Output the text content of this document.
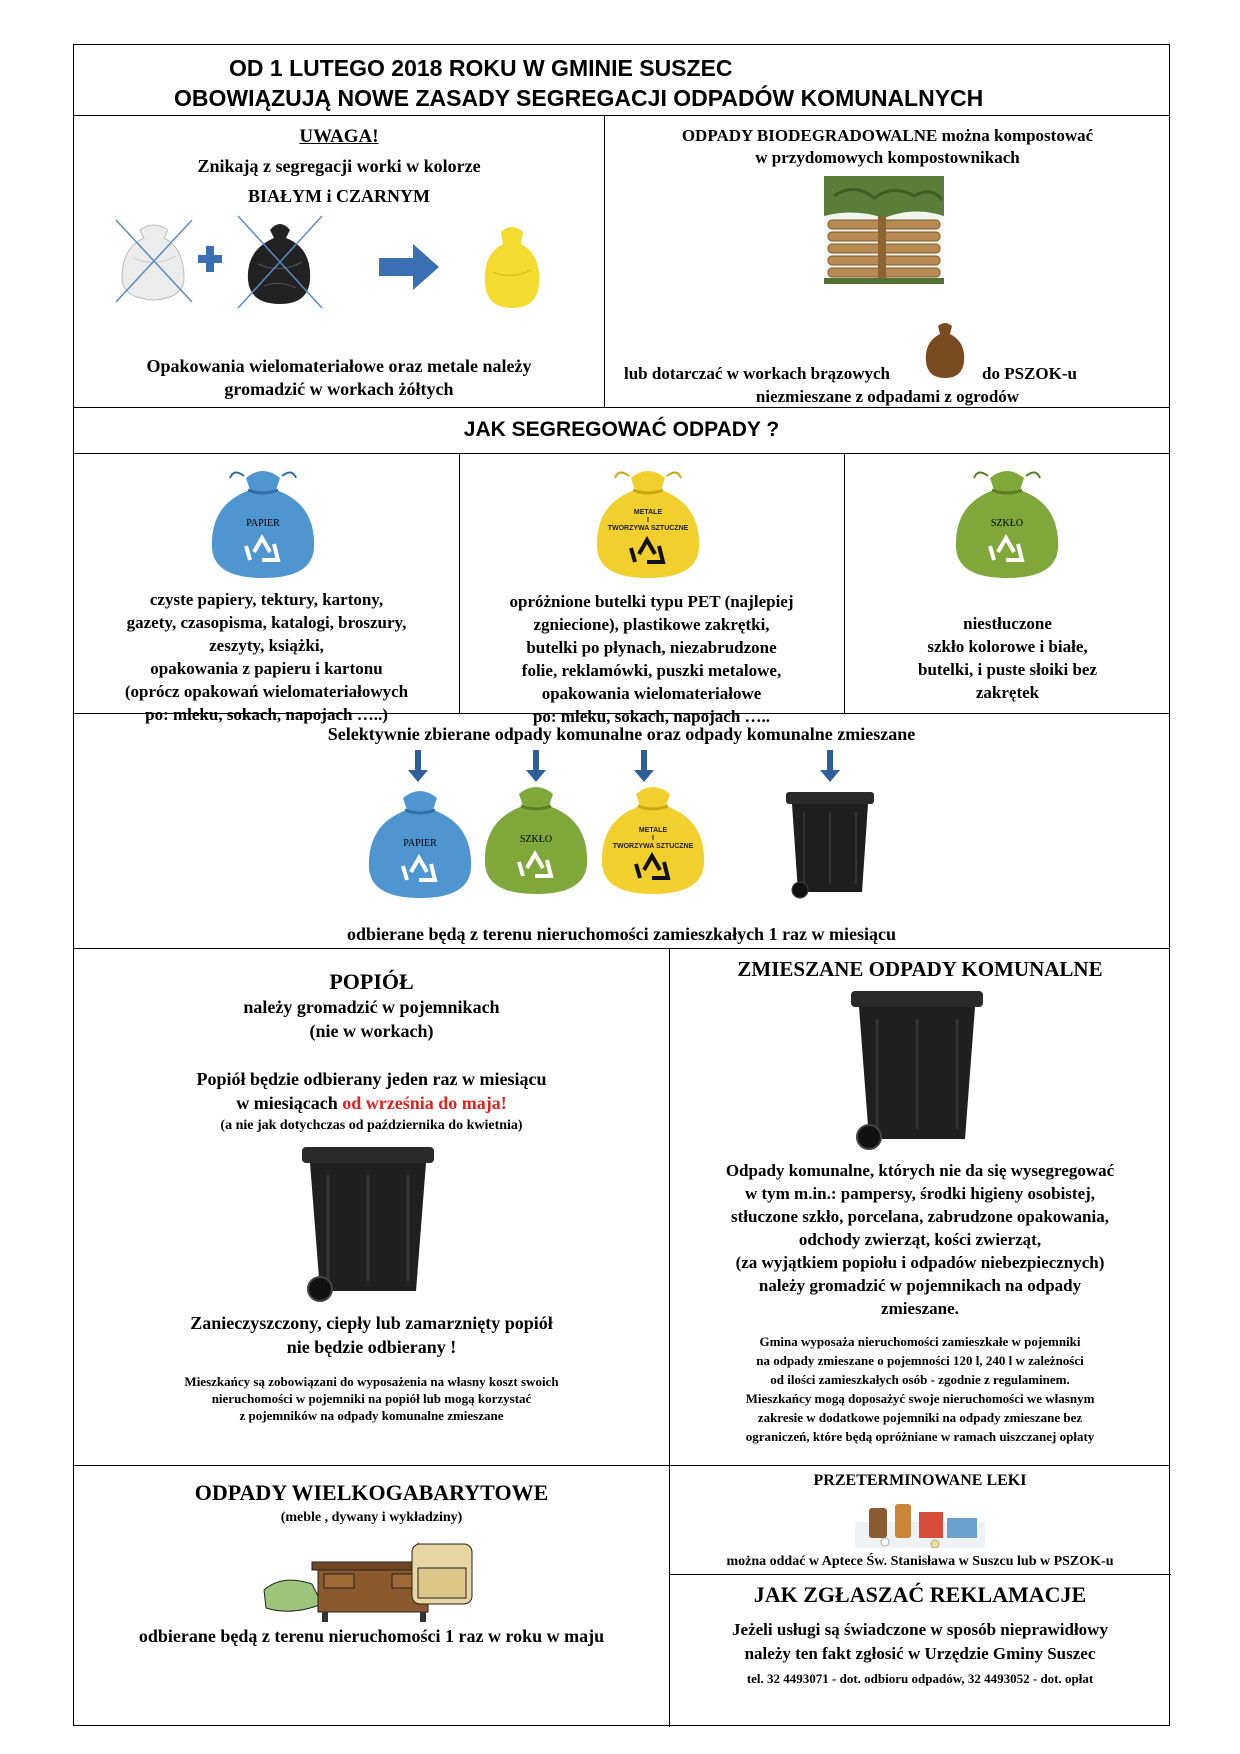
OD 1 LUTEGO 2018 ROKU W GMINIE SUSZEC
OBOWIĄZUJĄ NOWE ZASADY SEGREGACJI ODPADÓW KOMUNALNYCH
UWAGA!
Znikają z segregacji worki w kolorze
BIAŁYM i CZARNYM
Opakowania wielomateriałowe oraz metale należy
gromadzić w workach żółtych
ODPADY BIODEGRADOWALNE można kompostować
w przydomowych kompostownikach
lub dotarczać w workach brązowych	do PSZOK-u
niezmieszane z odpadami z ogrodów
JAK SEGREGOWAĆ ODPADY ?
PAPIER
czyste papiery, tektury, kartony,
gazety, czasopisma, katalogi, broszury,
zeszyty, książki,
opakowania z papieru i kartonu
(oprócz opakowań wielomateriałowych
po: mleku, sokach, napojach …..)
METALE
I
TWORZYWA SZTUCZNE
opróżnione butelki typu PET (najlepiej
zgniecione), plastikowe zakrętki,
butelki po płynach, niezabrudzone
folie, reklamówki, puszki metalowe,
opakowania wielomateriałowe
po: mleku, sokach, napojach …..
SZKŁO
niestłuczone
szkło kolorowe i białe,
butelki, i puste słoiki bez
zakrętek
Selektywnie zbierane odpady komunalne oraz odpady komunalne zmieszane
PAPIER	SZKŁO
METALE
I
TWORZYWA SZTUCZNE
odbierane będą z terenu nieruchomości zamieszkałych 1 raz w miesiącu
POPIÓŁ
należy gromadzić w pojemnikach
(nie w workach)
Popiół będzie odbierany jeden raz w miesiącu
w miesiącach od września do maja!
(a nie jak dotychczas od października do kwietnia)
Zanieczyszczony, ciepły lub zamarznięty popiół
nie będzie odbierany !
Mieszkańcy są zobowiązani do wyposażenia na własny koszt swoich
nieruchomości w pojemniki na popiół lub mogą korzystać
z pojemników na odpady komunalne zmieszane
ZMIESZANE ODPADY KOMUNALNE
Odpady komunalne, których nie da się wysegregować
w tym m.in.: pampersy, środki higieny osobistej,
stłuczone szkło, porcelana, zabrudzone opakowania,
odchody zwierząt, kości zwierząt,
(za wyjątkiem popiołu i odpadów niebezpiecznych)
należy gromadzić w pojemnikach na odpady
zmieszane.
Gmina wyposaża nieruchomości zamieszkałe w pojemniki
na odpady zmieszane o pojemności 120 l, 240 l w zależności
od ilości zamieszkałych osób - zgodnie z regulaminem.
Mieszkańcy mogą doposażyć swoje nieruchomości we własnym
zakresie w dodatkowe pojemniki na odpady zmieszane bez
ograniczeń, które będą opróżniane w ramach uiszczanej opłaty
ODPADY WIELKOGABARYTOWE
(meble , dywany i wykładziny)
odbierane będą z terenu nieruchomości 1 raz w roku w maju
PRZETERMINOWANE LEKI
można oddać w Aptece Św. Stanisława w Suszcu lub w PSZOK-u
JAK ZGŁASZAĆ REKLAMACJE
Jeżeli usługi są świadczone w sposób nieprawidłowy
należy ten fakt zgłosić w Urzędzie Gminy Suszec
tel. 32 4493071 - dot. odbioru odpadów, 32 4493052 - dot. opłat
